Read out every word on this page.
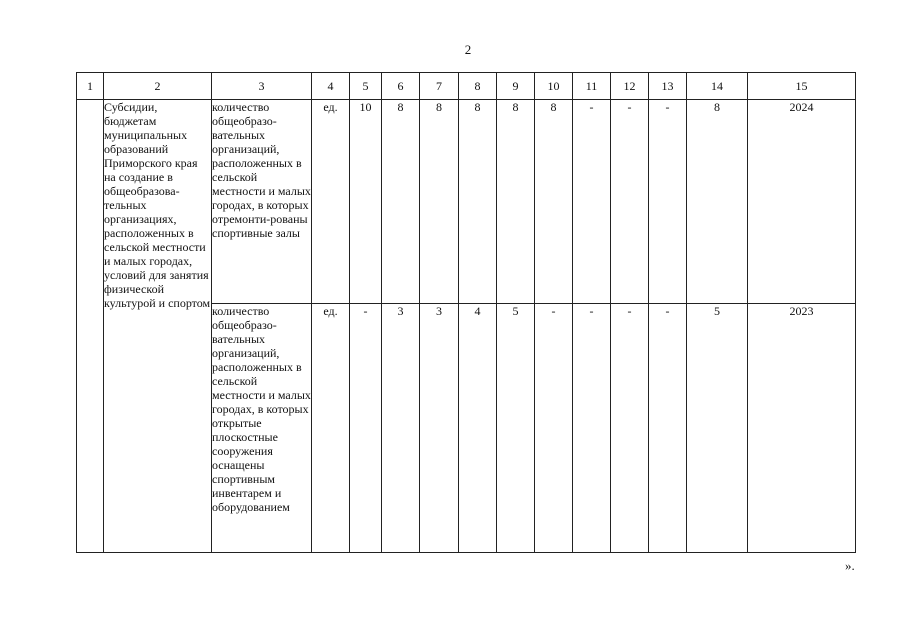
2
1	2	3	4	5	6	7	8	9	10	11	12	13	14	15
	Субсидии, бюджетам муниципальных образований Приморского края на создание в общеобразова-тельных организациях, расположенных в сельской местности и малых городах, условий для занятия физической культурой и спортом	количество общеобразо-вательных организаций, расположенных в сельской местности и малых городах, в которых отремонти-рованы спортивные залы	ед.	10	8	8	8	8	8	-	-	-	8	2024
		количество общеобразо-вательных организаций, расположенных в сельской местности и малых городах, в которых открытые плоскостные сооружения оснащены спортивным инвентарем и оборудованием	ед.	-	3	3	4	5	-	-	-	-	5	2023
».
